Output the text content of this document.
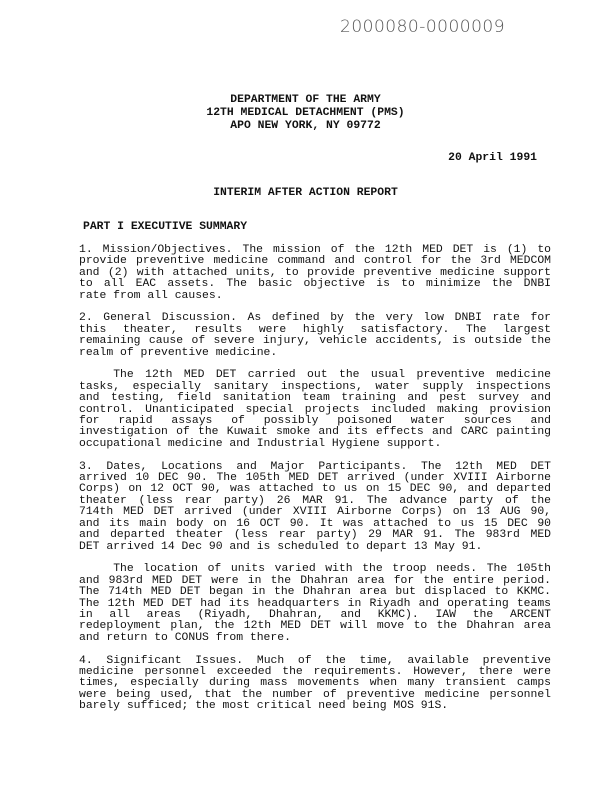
2000080-0000009
DEPARTMENT OF THE ARMY
12TH MEDICAL DETACHMENT (PMS)
APO NEW YORK, NY 09772
20 April 1991
INTERIM AFTER ACTION REPORT
PART I EXECUTIVE SUMMARY
1. Mission/Objectives. The mission of the 12th MED DET is (1) to
provide preventive medicine command and control for the 3rd MEDCOM
and (2) with attached units, to provide preventive medicine support
to all EAC assets. The basic objective is to minimize the DNBI
rate from all causes.
2. General Discussion. As defined by the very low DNBI rate for
this theater, results were highly satisfactory. The largest
remaining cause of severe injury, vehicle accidents, is outside the
realm of preventive medicine.
The 12th MED DET carried out the usual preventive medicine
tasks, especially sanitary inspections, water supply inspections
and testing, field sanitation team training and pest survey and
control. Unanticipated special projects included making provision
for rapid assays of possibly poisoned water sources and
investigation of the Kuwait smoke and its effects and CARC painting
occupational medicine and Industrial Hygiene support.
3. Dates, Locations and Major Participants. The 12th MED DET
arrived 10 DEC 90. The 105th MED DET arrived (under XVIII Airborne
Corps) on 12 OCT 90, was attached to us on 15 DEC 90, and departed
theater (less rear party) 26 MAR 91. The advance party of the
714th MED DET arrived (under XVIII Airborne Corps) on 13 AUG 90,
and its main body on 16 OCT 90. It was attached to us 15 DEC 90
and departed theater (less rear party) 29 MAR 91. The 983rd MED
DET arrived 14 Dec 90 and is scheduled to depart 13 May 91.
The location of units varied with the troop needs. The 105th
and 983rd MED DET were in the Dhahran area for the entire period.
The 714th MED DET began in the Dhahran area but displaced to KKMC.
The 12th MED DET had its headquarters in Riyadh and operating teams
in all areas (Riyadh, Dhahran, and KKMC). IAW the ARCENT
redeployment plan, the 12th MED DET will move to the Dhahran area
and return to CONUS from there.
4. Significant Issues. Much of the time, available preventive
medicine personnel exceeded the requirements. However, there were
times, especially during mass movements when many transient camps
were being used, that the number of preventive medicine personnel
barely sufficed; the most critical need being MOS 91S.
